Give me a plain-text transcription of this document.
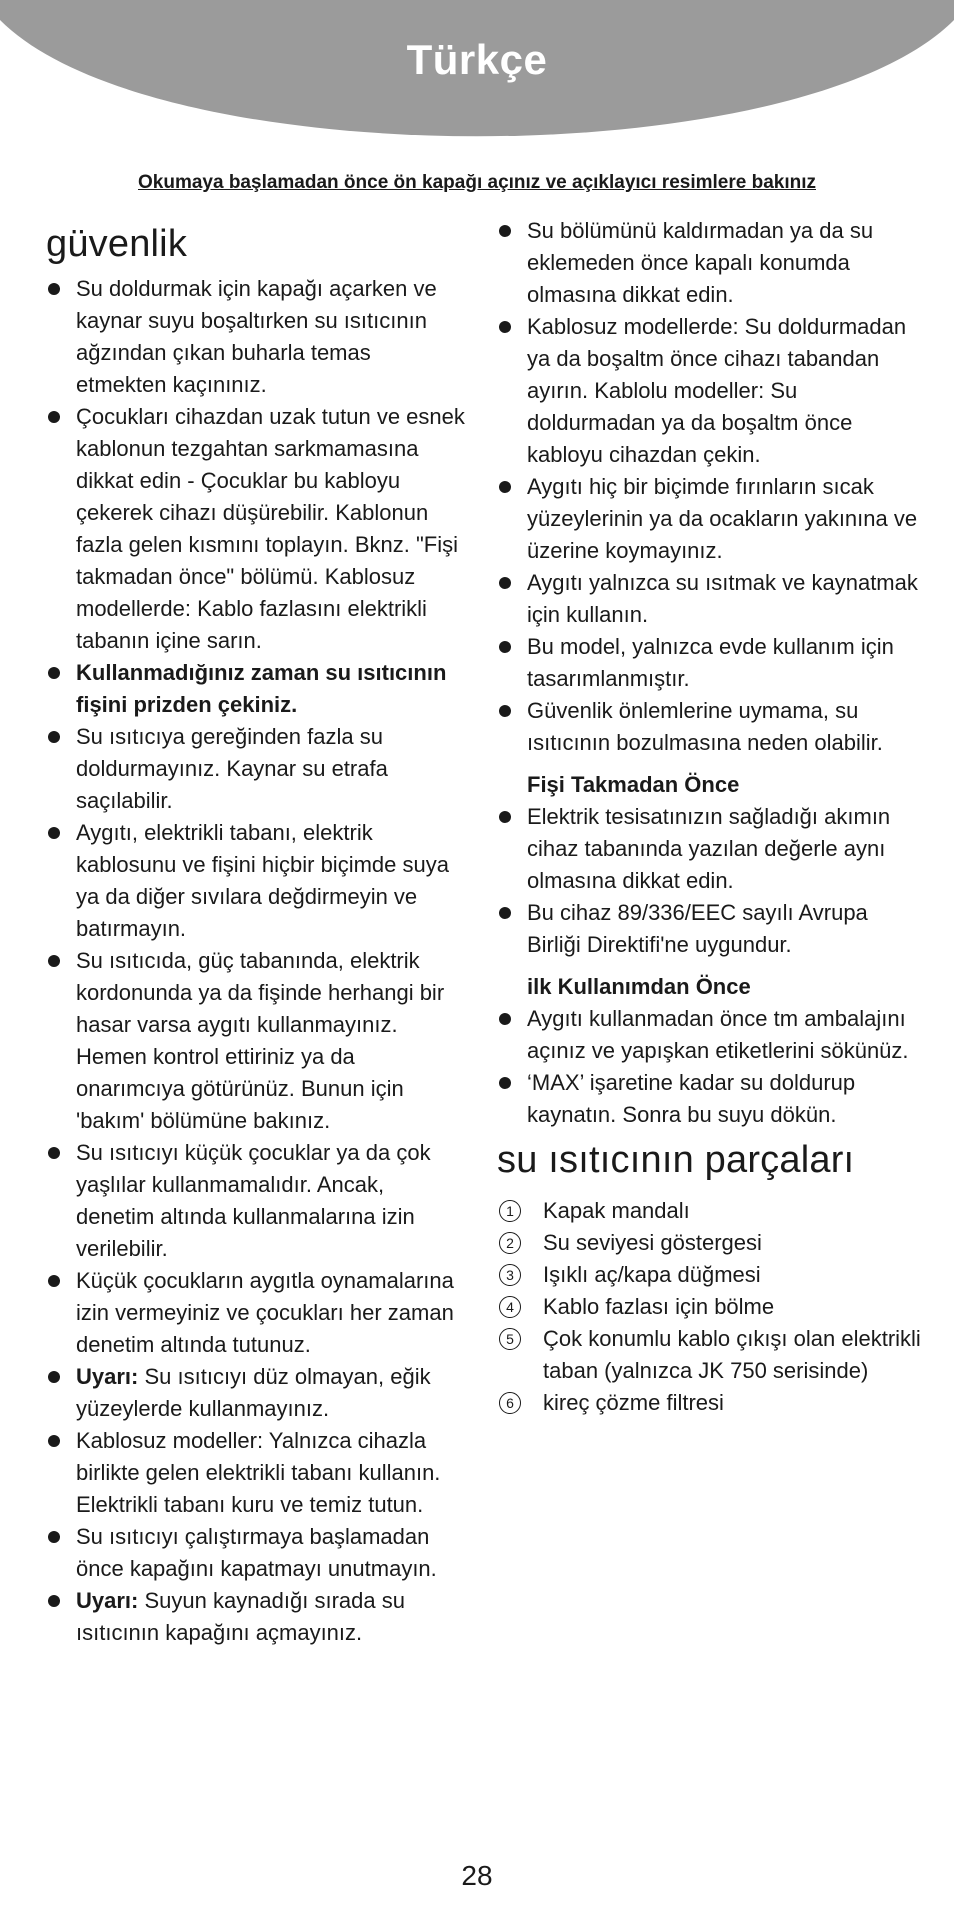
Türkçe
Okumaya başlamadan önce ön kapağı açınız ve açıklayıcı resimlere bakınız
güvenlik
Su doldurmak için kapağı açarken ve kaynar suyu boşaltırken su ısıtıcının ağzından çıkan buharla temas etmekten kaçınınız.
Çocukları cihazdan uzak tutun ve esnek kablonun tezgahtan sarkmamasına dikkat edin - Çocuklar bu kabloyu çekerek cihazı düşürebilir. Kablonun fazla gelen kısmını toplayın. Bknz. "Fişi takmadan önce" bölümü. Kablosuz modellerde: Kablo fazlasını elektrikli tabanın içine sarın.
Kullanmadığınız zaman su ısıtıcının fişini prizden çekiniz.
Su ısıtıcıya gereğinden fazla su doldurmayınız. Kaynar su etrafa saçılabilir.
Aygıtı, elektrikli tabanı, elektrik kablosunu ve fişini hiçbir biçimde suya ya da diğer sıvılara değdirmeyin ve batırmayın.
Su ısıtıcıda, güç tabanında, elektrik kordonunda ya da fişinde herhangi bir hasar varsa aygıtı kullanmayınız. Hemen kontrol ettiriniz ya da onarımcıya götürünüz. Bunun için 'bakım' bölümüne bakınız.
Su ısıtıcıyı küçük çocuklar ya da çok yaşlılar kullanmamalıdır. Ancak, denetim altında kullanmalarına izin verilebilir.
Küçük çocukların aygıtla oynamalarına izin vermeyiniz ve çocukları her zaman denetim altında tutunuz.
Uyarı: Su ısıtıcıyı düz olmayan, eğik yüzeylerde kullanmayınız.
Kablosuz modeller: Yalnızca cihazla birlikte gelen elektrikli tabanı kullanın. Elektrikli tabanı kuru ve temiz tutun.
Su ısıtıcıyı çalıştırmaya başlamadan önce kapağını kapatmayı unutmayın.
Uyarı: Suyun kaynadığı sırada su ısıtıcının kapağını açmayınız.
Su bölümünü kaldırmadan ya da su eklemeden önce kapalı konumda olmasına dikkat edin.
Kablosuz modellerde: Su doldurmadan ya da boşaltm önce cihazı tabandan ayırın. Kablolu modeller: Su doldurmadan ya da boşaltm önce kabloyu cihazdan çekin.
Aygıtı hiç bir biçimde fırınların sıcak yüzeylerinin ya da ocakların yakınına ve üzerine koymayınız.
Aygıtı yalnızca su ısıtmak ve kaynatmak için kullanın.
Bu model, yalnızca evde kullanım için tasarımlanmıştır.
Güvenlik önlemlerine uymama, su ısıtıcının bozulmasına neden olabilir.
Fişi Takmadan Önce
Elektrik tesisatınızın sağladığı akımın cihaz tabanında yazılan değerle aynı olmasına dikkat edin.
Bu cihaz 89/336/EEC sayılı Avrupa Birliği Direktifi'ne uygundur.
ilk Kullanımdan Önce
Aygıtı kullanmadan önce tm ambalajını açınız ve yapışkan etiketlerini sökünüz.
‘MAX’ işaretine kadar su doldurup kaynatın. Sonra bu suyu dökün.
su ısıtıcının parçaları
1	Kapak mandalı
2	Su seviyesi göstergesi
3	Işıklı aç/kapa düğmesi
4	Kablo fazlası için bölme
5	Çok konumlu kablo çıkışı olan elektrikli taban (yalnızca JK 750 serisinde)
6	kireç çözme filtresi
28
